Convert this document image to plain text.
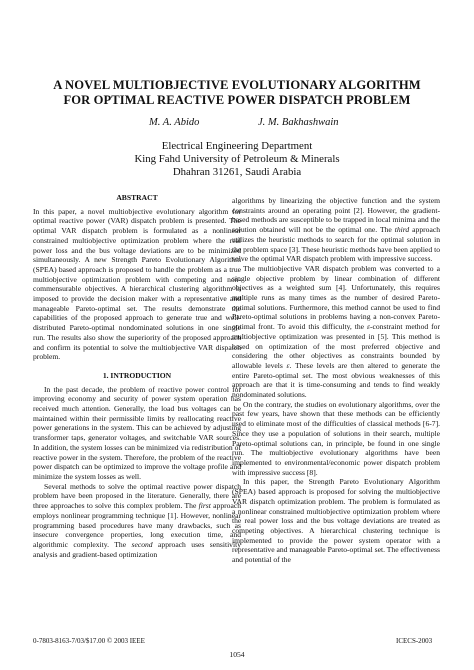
A NOVEL MULTIOBJECTIVE EVOLUTIONARY ALGORITHM
FOR OPTIMAL REACTIVE POWER DISPATCH PROBLEM
M. A. Abido	J. M. Bakhashwain
Electrical Engineering Department
King Fahd University of Petroleum & Minerals
Dhahran 31261, Saudi Arabia

ABSTRACT

In this paper, a novel multiobjective evolutionary algorithm for optimal reactive power (VAR) dispatch problem is presented. The optimal VAR dispatch problem is formulated as a nonlinear constrained multiobjective optimization problem where the real power loss and the bus voltage deviations are to be minimized simultaneously. A new Strength Pareto Evolutionary Algorithm (SPEA) based approach is proposed to handle the problem as a true multiobjective optimization problem with competing and non-commensurable objectives. A hierarchical clustering algorithm is imposed to provide the decision maker with a representative and manageable Pareto-optimal set. The results demonstrate the capabilities of the proposed approach to generate true and well-distributed Pareto-optimal nondominated solutions in one single run. The results also show the superiority of the proposed approach and confirm its potential to solve the multiobjective VAR dispatch problem.

1. INTRODUCTION

In the past decade, the problem of reactive power control for improving economy and security of power system operation has received much attention. Generally, the load bus voltages can be maintained within their permissible limits by reallocating reactive power generations in the system. This can be achieved by adjusting transformer taps, generator voltages, and switchable VAR sources. In addition, the system losses can be minimized via redistribution of reactive power in the system. Therefore, the problem of the reactive power dispatch can be optimized to improve the voltage profile and minimize the system losses as well.

Several methods to solve the optimal reactive power dispatch problem have been proposed in the literature. Generally, there are three approaches to solve this complex problem. The first approach employs nonlinear programming technique [1]. However, nonlinear programming based procedures have many drawbacks, such as insecure convergence properties, long execution time, and algorithmic complexity. The second approach uses sensitivity analysis and gradient-based optimization

algorithms by linearizing the objective function and the system constraints around an operating point [2]. However, the gradient-based methods are susceptible to be trapped in local minima and the solution obtained will not be the optimal one. The third approach utilizes the heuristic methods to search for the optimal solution in the problem space [3]. These heuristic methods have been applied to solve the optimal VAR dispatch problem with impressive success.

The multiobjective VAR dispatch problem was converted to a single objective problem by linear combination of different objectives as a weighted sum [4]. Unfortunately, this requires multiple runs as many times as the number of desired Pareto-optimal solutions. Furthermore, this method cannot be used to find Pareto-optimal solutions in problems having a non-convex Pareto-optimal front. To avoid this difficulty, the ε-constraint method for multiobjective optimization was presented in [5]. This method is based on optimization of the most preferred objective and considering the other objectives as constraints bounded by allowable levels ε. These levels are then altered to generate the entire Pareto-optimal set. The most obvious weaknesses of this approach are that it is time-consuming and tends to find weakly nondominated solutions.

On the contrary, the studies on evolutionary algorithms, over the past few years, have shown that these methods can be efficiently used to eliminate most of the difficulties of classical methods [6-7]. Since they use a population of solutions in their search, multiple Pareto-optimal solutions can, in principle, be found in one single run. The multiobjective evolutionary algorithms have been implemented to environmental/economic power dispatch problem with impressive success [8].

In this paper, the Strength Pareto Evolutionary Algorithm (SPEA) based approach is proposed for solving the multiobjective VAR dispatch optimization problem. The problem is formulated as a nonlinear constrained multiobjective optimization problem where the real power loss and the bus voltage deviations are treated as competing objectives. A hierarchical clustering technique is implemented to provide the power system operator with a representative and manageable Pareto-optimal set. The effectiveness and potential of the

0-7803-8163-7/03/$17.00 © 2003 IEEE	ICECS-2003
1054
